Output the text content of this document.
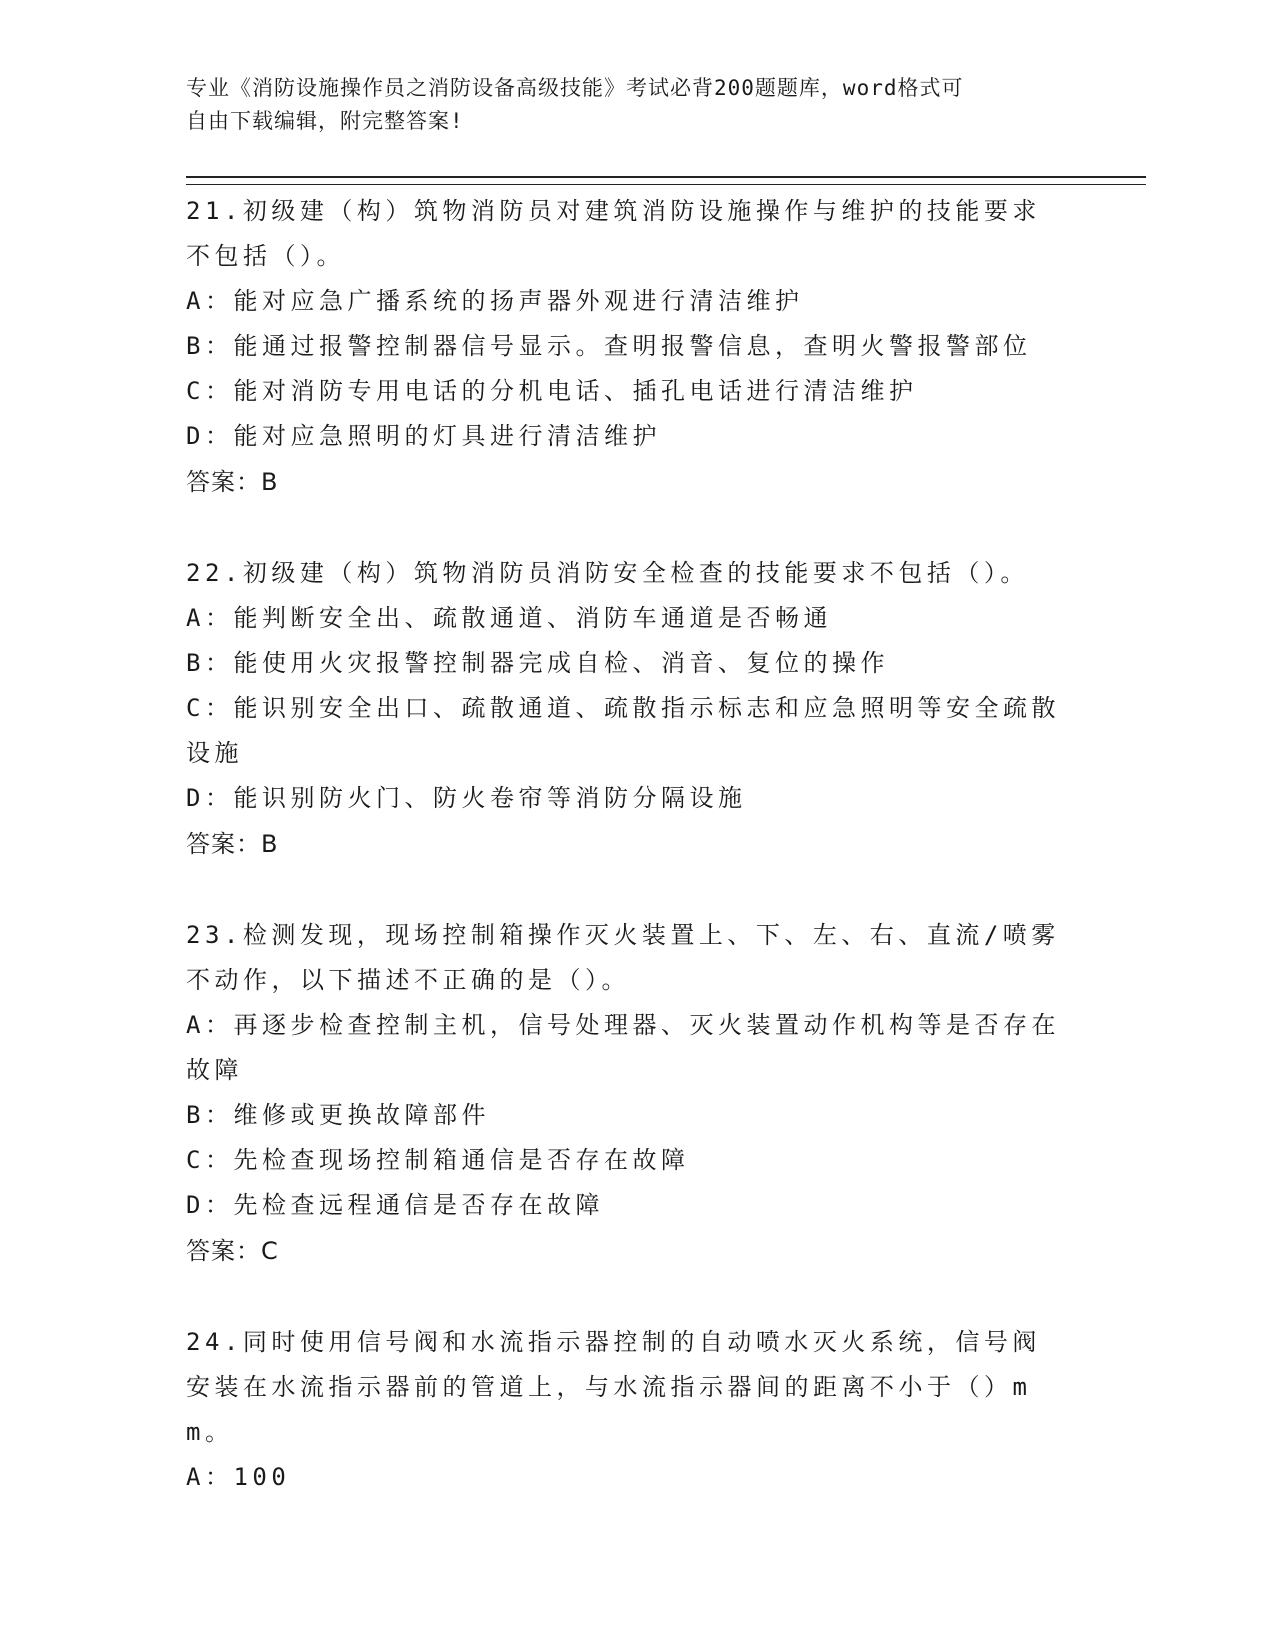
专业《消防设施操作员之消防设备高级技能》考试必背200题题库，word格式可
自由下载编辑，附完整答案!

21.初级建（构）筑物消防员对建筑消防设施操作与维护的技能要求不包括（）。

A：能对应急广播系统的扬声器外观进行清洁维护

B：能通过报警控制器信号显示。查明报警信息，查明火警报警部位

C：能对消防专用电话的分机电话、插孔电话进行清洁维护

D：能对应急照明的灯具进行清洁维护

答案：B

22.初级建（构）筑物消防员消防安全检查的技能要求不包括（）。

A：能判断安全出、疏散通道、消防车通道是否畅通

B：能使用火灾报警控制器完成自检、消音、复位的操作

C：能识别安全出口、疏散通道、疏散指示标志和应急照明等安全疏散设施

D：能识别防火门、防火卷帘等消防分隔设施

答案：B

23.检测发现，现场控制箱操作灭火装置上、下、左、右、直流/喷雾不动作，以下描述不正确的是（）。

A：再逐步检查控制主机，信号处理器、灭火装置动作机构等是否存在故障

B：维修或更换故障部件

C：先检查现场控制箱通信是否存在故障

D：先检查远程通信是否存在故障

答案：C

24.同时使用信号阀和水流指示器控制的自动喷水灭火系统，信号阀安装在水流指示器前的管道上，与水流指示器间的距离不小于（）mm。

A：100
